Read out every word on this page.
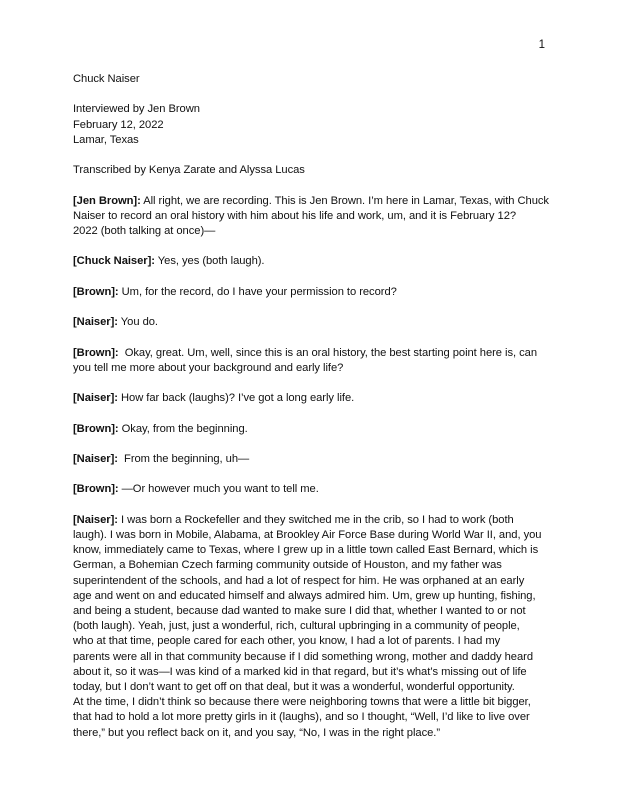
1
Chuck Naiser
Interviewed by Jen Brown
February 12, 2022
Lamar, Texas
Transcribed by Kenya Zarate and Alyssa Lucas
[Jen Brown]: All right, we are recording. This is Jen Brown. I’m here in Lamar, Texas, with Chuck
Naiser to record an oral history with him about his life and work, um, and it is February 12?
2022 (both talking at once)—
[Chuck Naiser]: Yes, yes (both laugh).
[Brown]: Um, for the record, do I have your permission to record?
[Naiser]: You do.
[Brown]:  Okay, great. Um, well, since this is an oral history, the best starting point here is, can
you tell me more about your background and early life?
[Naiser]: How far back (laughs)? I’ve got a long early life.
[Brown]: Okay, from the beginning.
[Naiser]:  From the beginning, uh—
[Brown]: —Or however much you want to tell me.
[Naiser]: I was born a Rockefeller and they switched me in the crib, so I had to work (both
laugh). I was born in Mobile, Alabama, at Brookley Air Force Base during World War II, and, you
know, immediately came to Texas, where I grew up in a little town called East Bernard, which is
German, a Bohemian Czech farming community outside of Houston, and my father was
superintendent of the schools, and had a lot of respect for him. He was orphaned at an early
age and went on and educated himself and always admired him. Um, grew up hunting, fishing,
and being a student, because dad wanted to make sure I did that, whether I wanted to or not
(both laugh). Yeah, just, just a wonderful, rich, cultural upbringing in a community of people,
who at that time, people cared for each other, you know, I had a lot of parents. I had my
parents were all in that community because if I did something wrong, mother and daddy heard
about it, so it was—I was kind of a marked kid in that regard, but it’s what’s missing out of life
today, but I don’t want to get off on that deal, but it was a wonderful, wonderful opportunity.
At the time, I didn’t think so because there were neighboring towns that were a little bit bigger,
that had to hold a lot more pretty girls in it (laughs), and so I thought, “Well, I’d like to live over
there,” but you reflect back on it, and you say, “No, I was in the right place.”
